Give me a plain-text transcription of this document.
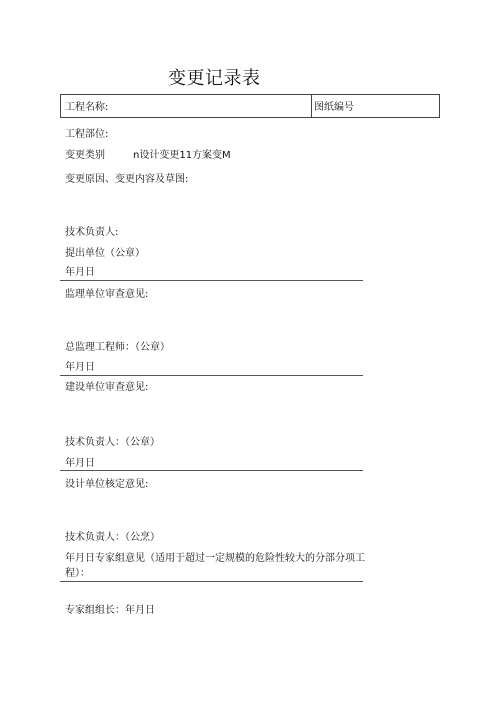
变更记录表
工程名称:	图纸编号
工程部位:
变更类别	n设计变更11方案变M
变更原因、变更内容及草图:
技术负责人:
提出单位（公章）
年月日
监理单位审查意见:
总监理工程师：（公章）
年月日
建设单位审查意见:
技术负责人：（公章）
年月日
设计单位核定意见:
技术负责人：（公烹）
年月日专家组意见（适用于超过一定规模的危险性较大的分部分项工程）：
专家组组长：年月日
